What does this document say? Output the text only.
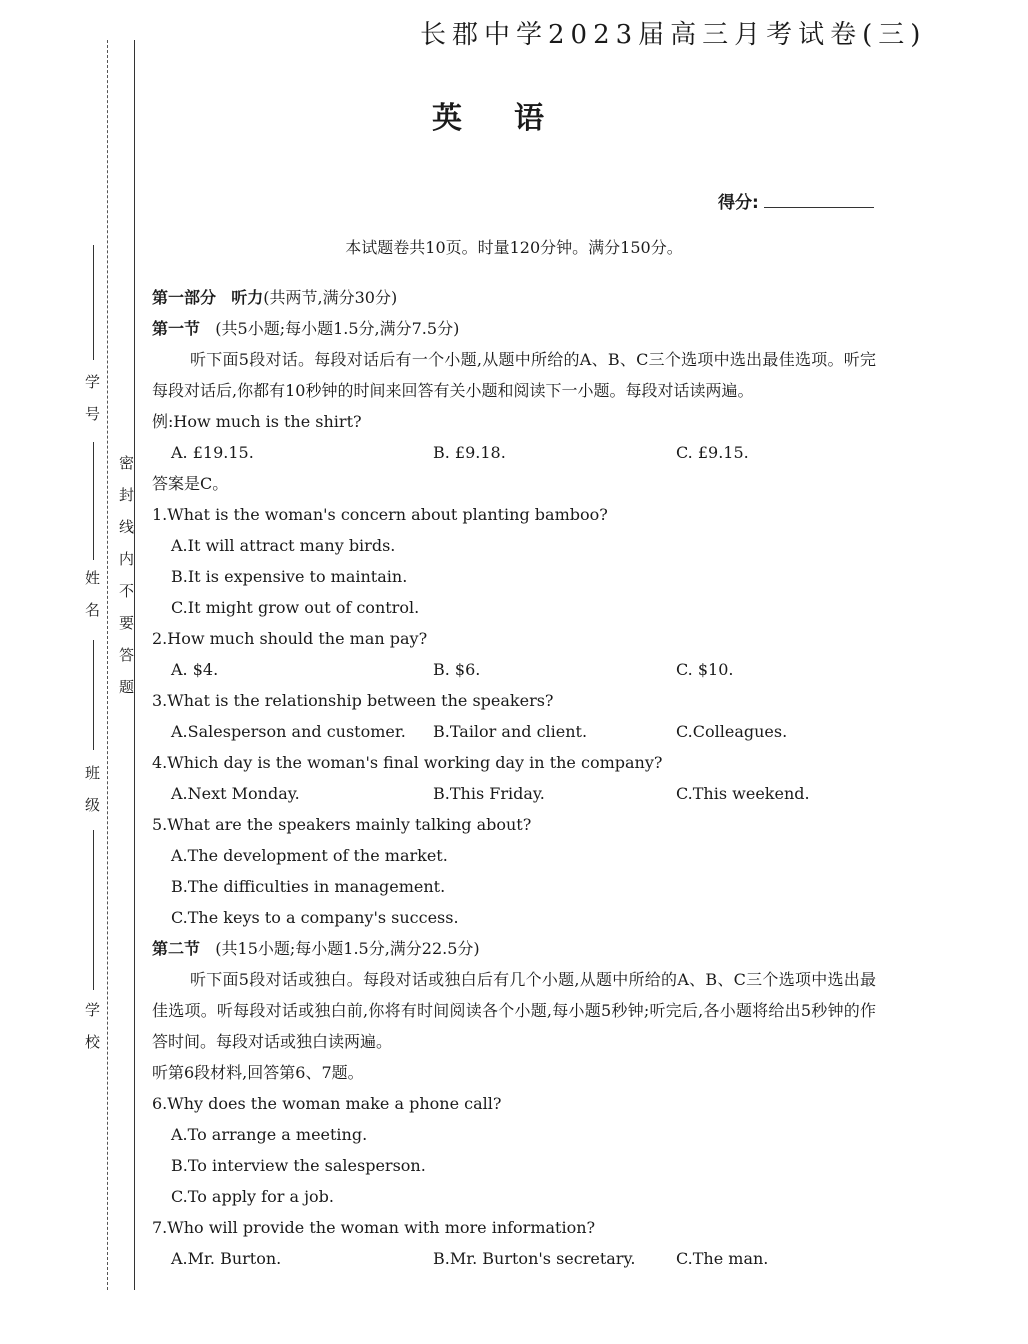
学 号
姓 名
班 级
学 校
密封线内不要答题
长郡中学2023届高三月考试卷(三)
英语
得分:
本试题卷共10页。时量120分钟。满分150分。
第一部分 听力(共两节,满分30分)
第一节 (共5小题;每小题1.5分,满分7.5分)
听下面5段对话。每段对话后有一个小题,从题中所给的A、B、C三个选项中选出最佳选项。听完每段对话后,你都有10秒钟的时间来回答有关小题和阅读下一小题。每段对话读两遍。
例:How much is the shirt?
A. £19.15.	B. £9.18.	C. £9.15.
答案是C。
1.What is the woman's concern about planting bamboo?
A.It will attract many birds.
B.It is expensive to maintain.
C.It might grow out of control.
2.How much should the man pay?
A. $4.	B. $6.	C. $10.
3.What is the relationship between the speakers?
A.Salesperson and customer.	B.Tailor and client.	C.Colleagues.
4.Which day is the woman's final working day in the company?
A.Next Monday.	B.This Friday.	C.This weekend.
5.What are the speakers mainly talking about?
A.The development of the market.
B.The difficulties in management.
C.The keys to a company's success.
第二节 (共15小题;每小题1.5分,满分22.5分)
听下面5段对话或独白。每段对话或独白后有几个小题,从题中所给的A、B、C三个选项中选出最佳选项。听每段对话或独白前,你将有时间阅读各个小题,每小题5秒钟;听完后,各小题将给出5秒钟的作答时间。每段对话或独白读两遍。
听第6段材料,回答第6、7题。
6.Why does the woman make a phone call?
A.To arrange a meeting.
B.To interview the salesperson.
C.To apply for a job.
7.Who will provide the woman with more information?
A.Mr. Burton.	B.Mr. Burton's secretary.	C.The man.
